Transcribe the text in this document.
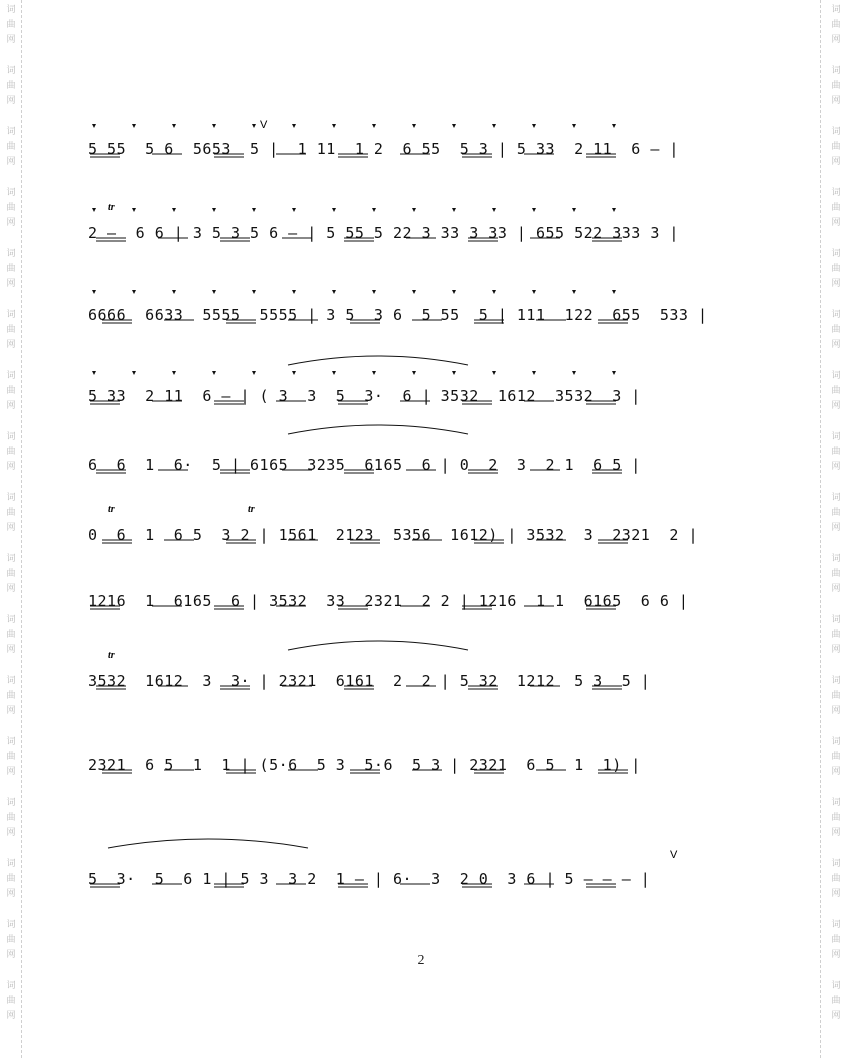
词
曲
网
词
曲
网
词
曲
网
词
曲
网
词
曲
网
词
曲
网
词
曲
网
词
曲
网
词
曲
网
词
曲
网
词
曲
网
词
曲
网
词
曲
网
词
曲
网
词
曲
网
词
曲
网
词
曲
网
词
曲
网
词
曲
网
词
曲
网
词
曲
网
词
曲
网
词
曲
网
词
曲
网
词
曲
网
词
曲
网
词
曲
网
词
曲
网
词
曲
网
词
曲
网
词
曲
网
词
曲
网
词
曲
网
词
曲
网
V
5 55  5 6  5653  5 |  1 11  1 2  6 55  5 3 | 5 33  2 11  6 – |
tr
2 –  6 6 | 3 5 3 5 6 – | 5 55 5 22 3 33 3 33 | 655 522 333 3 |
6666  6633  5555  5555 | 3 5  3 6  5 55  5 | 111  122  655  533 |
5 33  2 11  6 – | ( 3  3  5  3·  6 | 3532  1612  3532  3 |
6  6  1  6·  5 | 6165  3235  6165  6 | 0  2  3  2 1  6 5 |
tr	tr
0  6  1  6 5  3 2 | 1561  2123  5356  1612) | 3532  3  2321  2 |
1216  1  6165  6 | 3532  33  2321  2 2 | 1216  1 1  6165  6 6 |
tr
3532  1612  3  3· | 2321  6161  2  2 | 5 32  1212  5 3  5 |
2321  6 5  1  1 | (5·6  5 3  5·6  5 3 | 2321  6 5  1  1) |
V
5  3·  5  6 1 | 5 3  3 2  1 – | 6·  3  2 0  3 6 | 5 – – – |
2
